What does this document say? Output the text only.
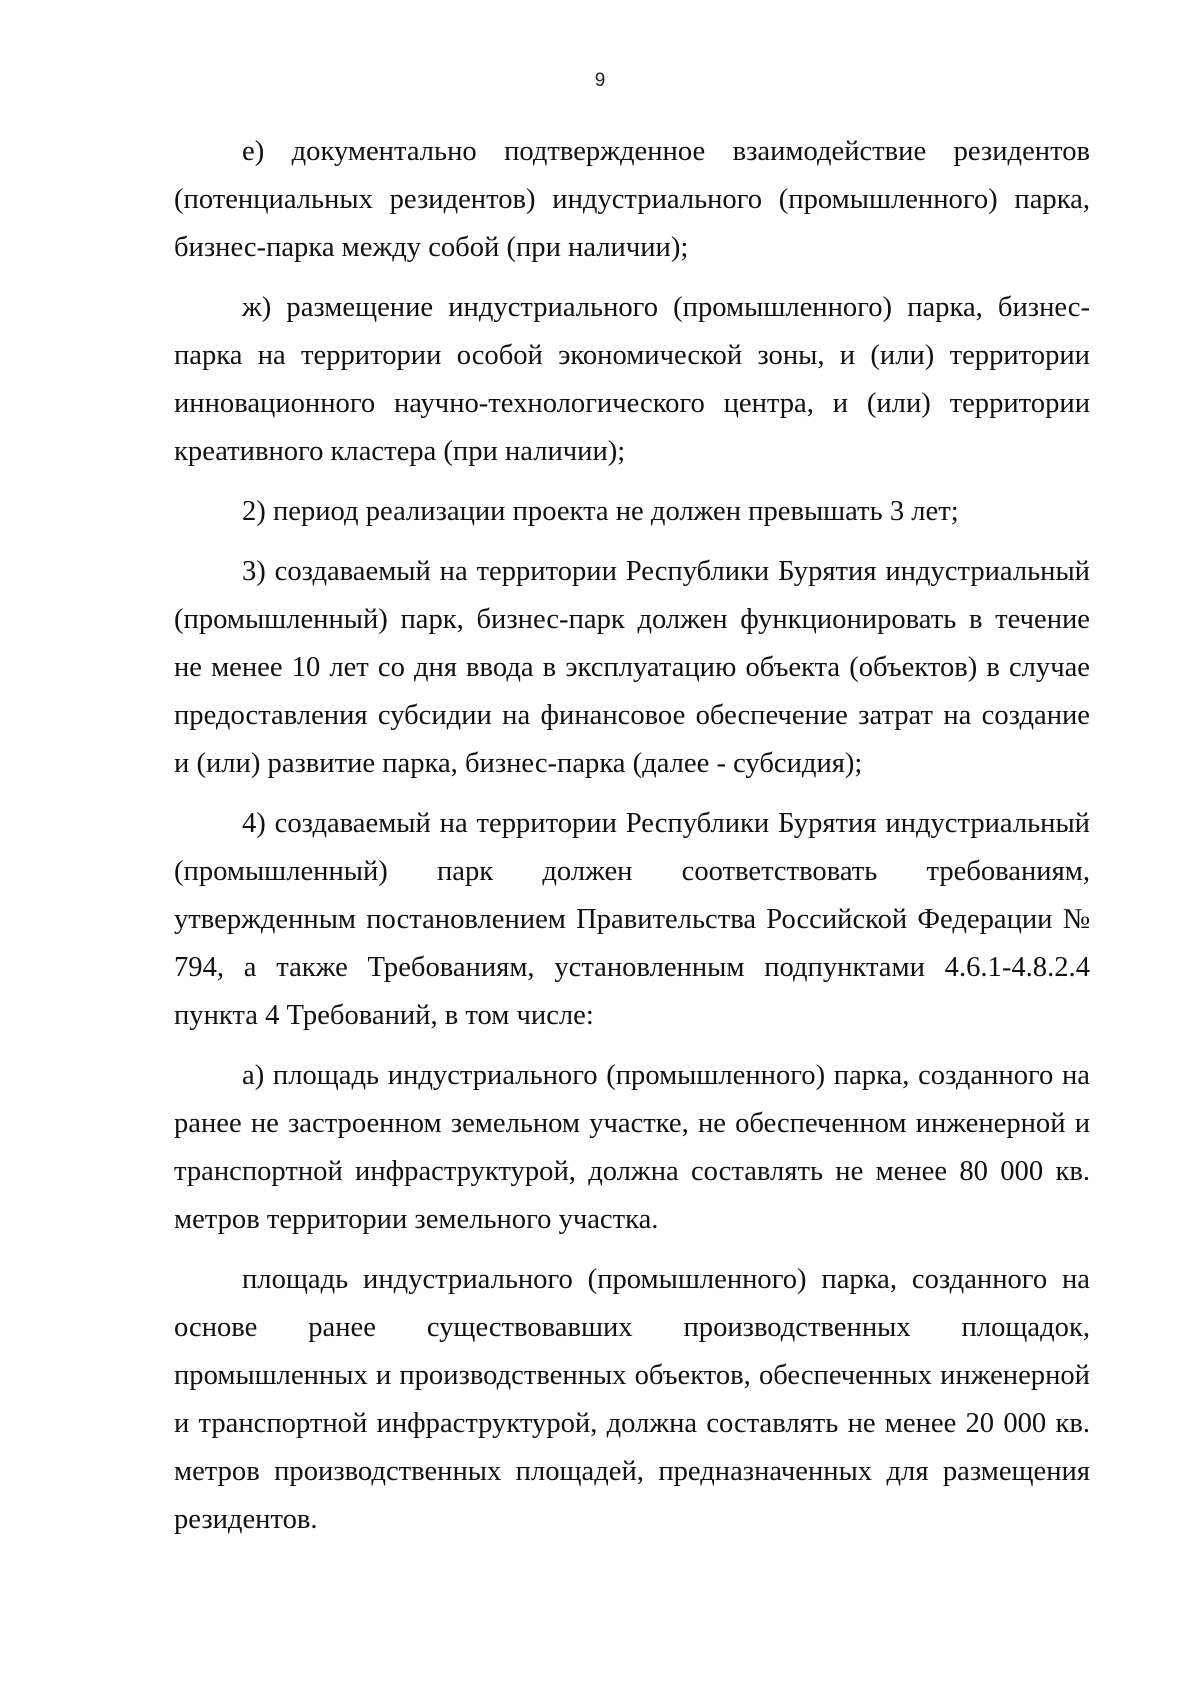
9

е) документально подтвержденное взаимодействие резидентов (потенциальных резидентов) индустриального (промышленного) парка, бизнес-парка между собой (при наличии);

ж) размещение индустриального (промышленного) парка, бизнес-парка на территории особой экономической зоны, и (или) территории инновационного научно-технологического центра, и (или) территории креативного кластера (при наличии);

2) период реализации проекта не должен превышать 3 лет;

3) создаваемый на территории Республики Бурятия индустриальный (промышленный) парк, бизнес-парк должен функционировать в течение не менее 10 лет со дня ввода в эксплуатацию объекта (объектов) в случае предоставления субсидии на финансовое обеспечение затрат на создание и (или) развитие парка, бизнес-парка (далее - субсидия);

4) создаваемый на территории Республики Бурятия индустриальный (промышленный) парк должен соответствовать требованиям, утвержденным постановлением Правительства Российской Федерации № 794, а также Требованиям, установленным подпунктами 4.6.1-4.8.2.4 пункта 4 Требований, в том числе:

а) площадь индустриального (промышленного) парка, созданного на ранее не застроенном земельном участке, не обеспеченном инженерной и транспортной инфраструктурой, должна составлять не менее 80 000 кв. метров территории земельного участка.

площадь индустриального (промышленного) парка, созданного на основе ранее существовавших производственных площадок, промышленных и производственных объектов, обеспеченных инженерной и транспортной инфраструктурой, должна составлять не менее 20 000 кв. метров производственных площадей, предназначенных для размещения резидентов.
